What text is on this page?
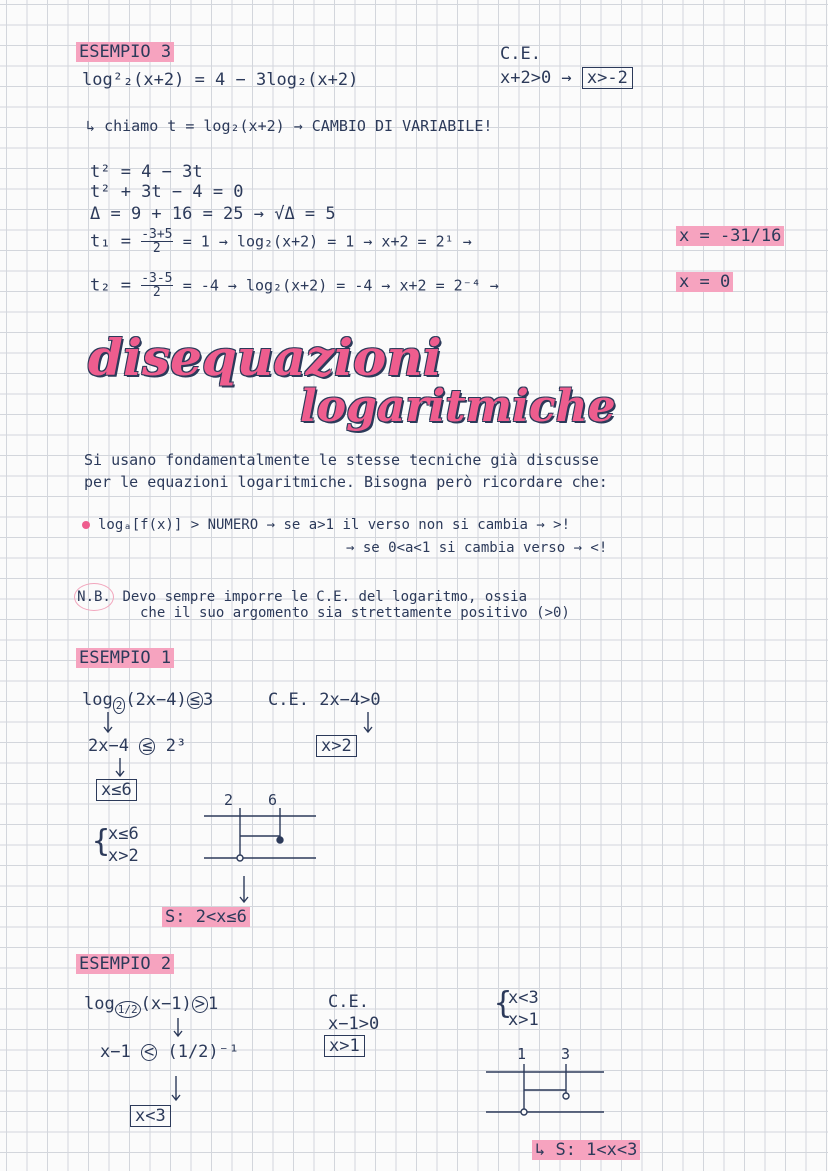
ESEMPIO 3	C.E.
log²₂(x+2) = 4 − 3log₂(x+2)	x+2>0 → x>-2
↳ chiamo t = log₂(x+2) → CAMBIO DI VARIABILE!
t² = 4 − 3t
t² + 3t − 4 = 0
Δ = 9 + 16 = 25 → √Δ = 5
$t_1 = \frac{-3+5}{2} = 1 \to \log_2(x+2) = 1 \to x+2 = 2^1$ →	x = -31/16
$t_2 = \frac{-3-5}{2} = -4 \to \log_2(x+2) = -4 \to x+2 = 2^{-4}$ →	x = 0
disequazioni
logaritmiche
Si usano fondamentalmente le stesse tecniche già discusse
per le equazioni logaritmiche. Bisogna però ricordare che:
logₐ[f(x)] > NUMERO → se a>1 il verso non si cambia → >!
→ se 0<a<1 si cambia verso → <!
N.B. Devo sempre imporre le C.E. del logaritmo, ossia
che il suo argomento sia strettamente positivo (>0)
ESEMPIO 1
log 2 (2x−4) ≤ 3	C.E. 2x−4>0
2x−4 ≤ 2³	x>2
x≤6	2 6
{
x≤6
x>2
S: 2<x≤6
ESEMPIO 2
log 1/2 (x−1) > 1	C.E.
x−1>0
x>1
x−1 < (1/2)⁻¹
x<3
{
x<3
x>1
1 3
↳ S: 1<x<3
